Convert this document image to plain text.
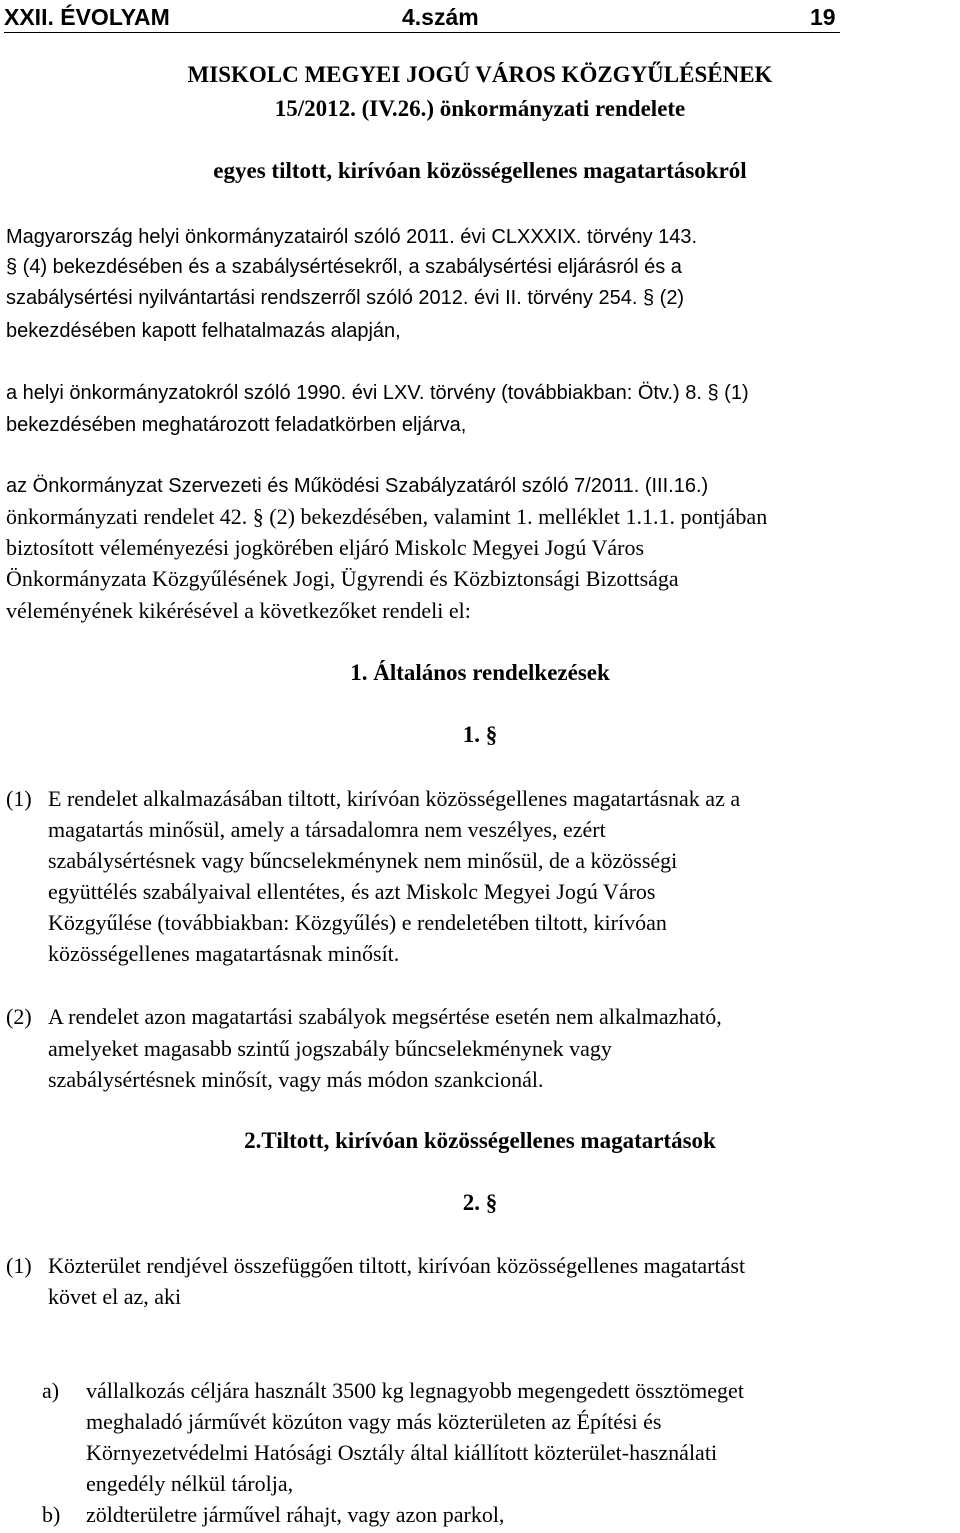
XXII. ÉVOLYAM	4.szám	19
MISKOLC MEGYEI JOGÚ VÁROS KÖZGYŰLÉSÉNEK
15/2012. (IV.26.) önkormányzati rendelete
egyes tiltott, kirívóan közösségellenes magatartásokról
Magyarország helyi önkormányzatairól szóló 2011. évi CLXXXIX. törvény 143.
§ (4) bekezdésében és a szabálysértésekről, a szabálysértési eljárásról és a
szabálysértési nyilvántartási rendszerről szóló 2012. évi II. törvény 254. § (2)
bekezdésében kapott felhatalmazás alapján,
a helyi önkormányzatokról szóló 1990. évi LXV. törvény (továbbiakban: Ötv.) 8. § (1)
bekezdésében meghatározott feladatkörben eljárva,
az Önkormányzat Szervezeti és Működési Szabályzatáról szóló 7/2011. (III.16.)
önkormányzati rendelet 42. § (2) bekezdésében, valamint 1. melléklet 1.1.1. pontjában
biztosított véleményezési jogkörében eljáró Miskolc Megyei Jogú Város
Önkormányzata Közgyűlésének Jogi, Ügyrendi és Közbiztonsági Bizottsága
véleményének kikérésével a következőket rendeli el:
1. Általános rendelkezések
1. §
(1) E rendelet alkalmazásában tiltott, kirívóan közösségellenes magatartásnak az a
magatartás minősül, amely a társadalomra nem veszélyes, ezért
szabálysértésnek vagy bűncselekménynek nem minősül, de a közösségi
együttélés szabályaival ellentétes, és azt Miskolc Megyei Jogú Város
Közgyűlése (továbbiakban: Közgyűlés) e rendeletében tiltott, kirívóan
közösségellenes magatartásnak minősít.
(2) A rendelet azon magatartási szabályok megsértése esetén nem alkalmazható,
amelyeket magasabb szintű jogszabály bűncselekménynek vagy
szabálysértésnek minősít, vagy más módon szankcionál.
2.Tiltott, kirívóan közösségellenes magatartások
2. §
(1) Közterület rendjével összefüggően tiltott, kirívóan közösségellenes magatartást
követ el az, aki
a) vállalkozás céljára használt 3500 kg legnagyobb megengedett össztömeget
meghaladó járművét közúton vagy más közterületen az Építési és
Környezetvédelmi Hatósági Osztály által kiállított közterület-használati
engedély nélkül tárolja,
b) zöldterületre járművel ráhajt, vagy azon parkol,
